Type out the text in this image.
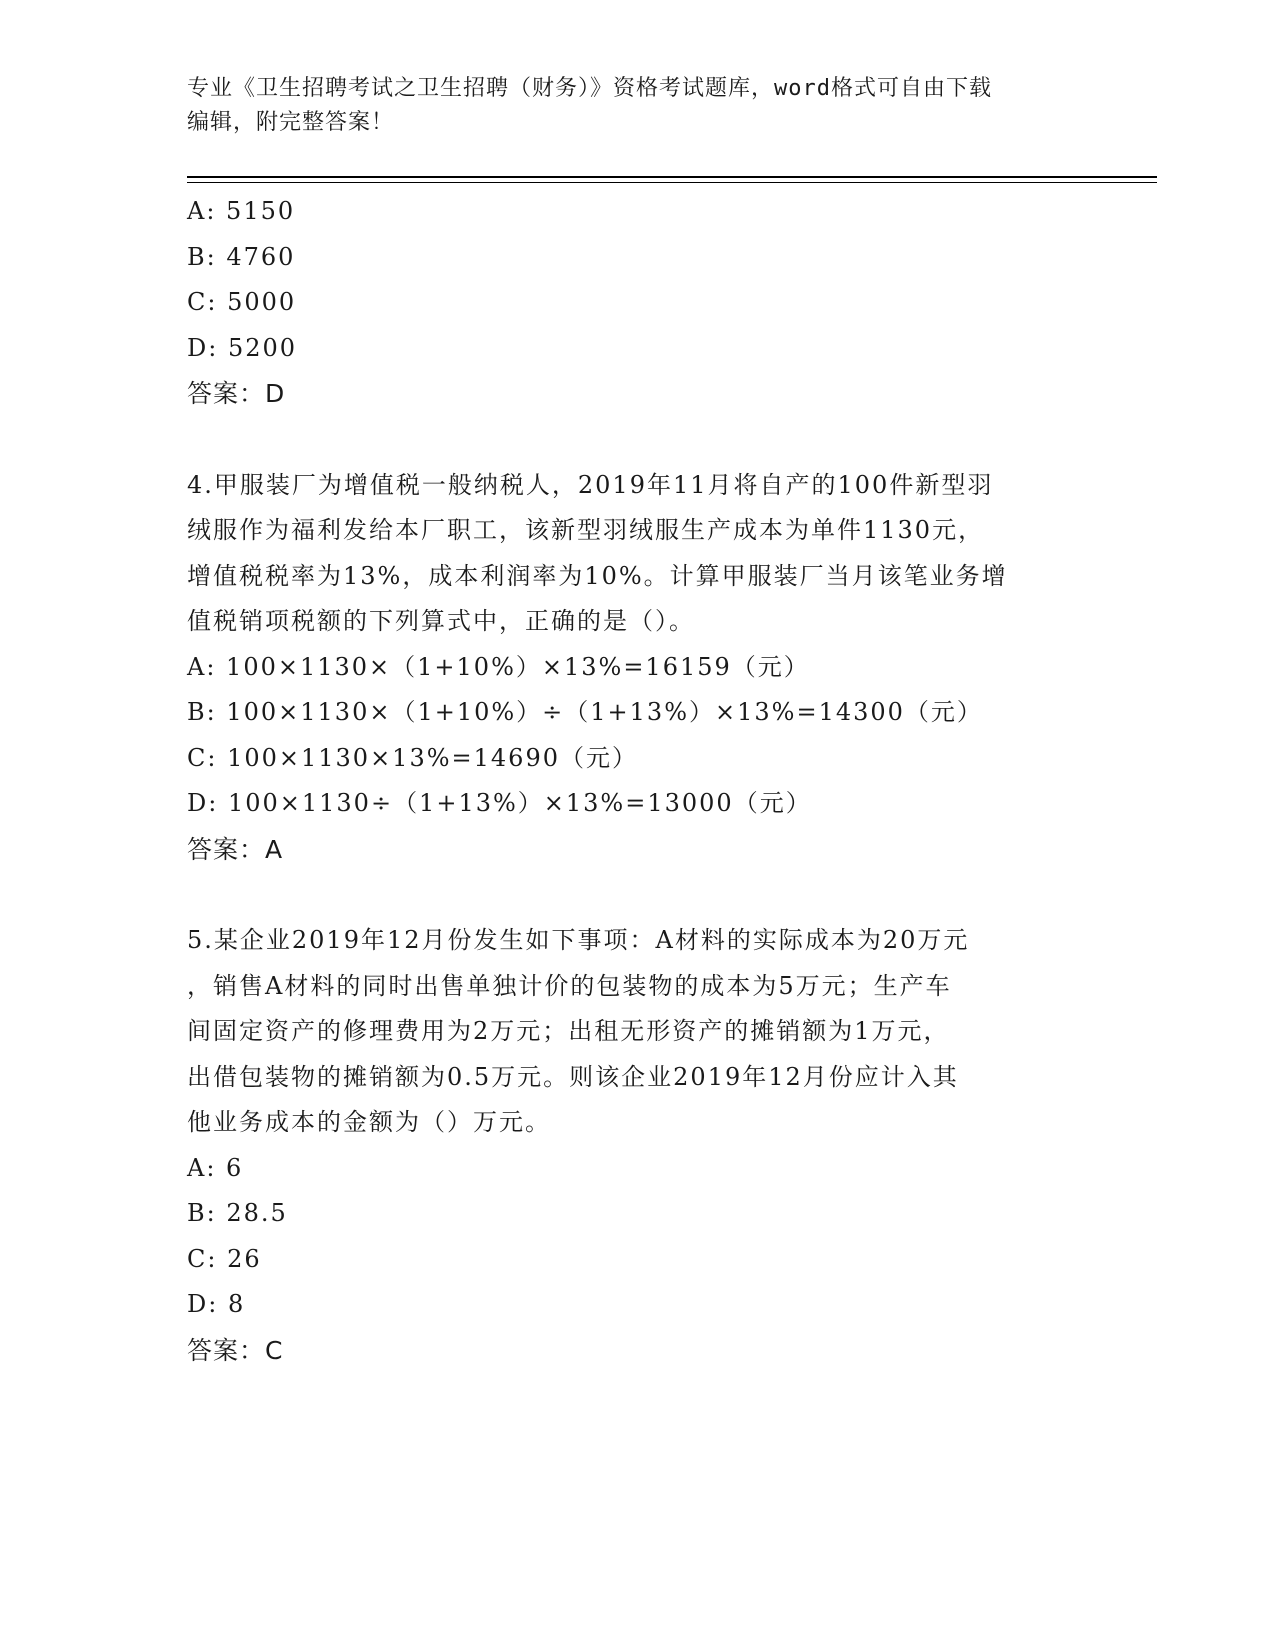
专业《卫生招聘考试之卫生招聘（财务）》资格考试题库，word格式可自由下载
编辑，附完整答案！
A: 5150
B: 4760
C: 5000
D: 5200
答案：D
4.甲服装厂为增值税一般纳税人，2019年11月将自产的100件新型羽
绒服作为福利发给本厂职工，该新型羽绒服生产成本为单件1130元，
增值税税率为13%，成本利润率为10%。计算甲服装厂当月该笔业务增
值税销项税额的下列算式中，正确的是（）。
A: 100×1130×（1+10%）×13%=16159（元）
B: 100×1130×（1+10%）÷（1+13%）×13%=14300（元）
C: 100×1130×13%=14690（元）
D: 100×1130÷（1+13%）×13%=13000（元）
答案：A
5.某企业2019年12月份发生如下事项：A材料的实际成本为20万元
，销售A材料的同时出售单独计价的包装物的成本为5万元；生产车
间固定资产的修理费用为2万元；出租无形资产的摊销额为1万元，
出借包装物的摊销额为0.5万元。则该企业2019年12月份应计入其
他业务成本的金额为（）万元。
A: 6
B: 28.5
C: 26
D: 8
答案：C
